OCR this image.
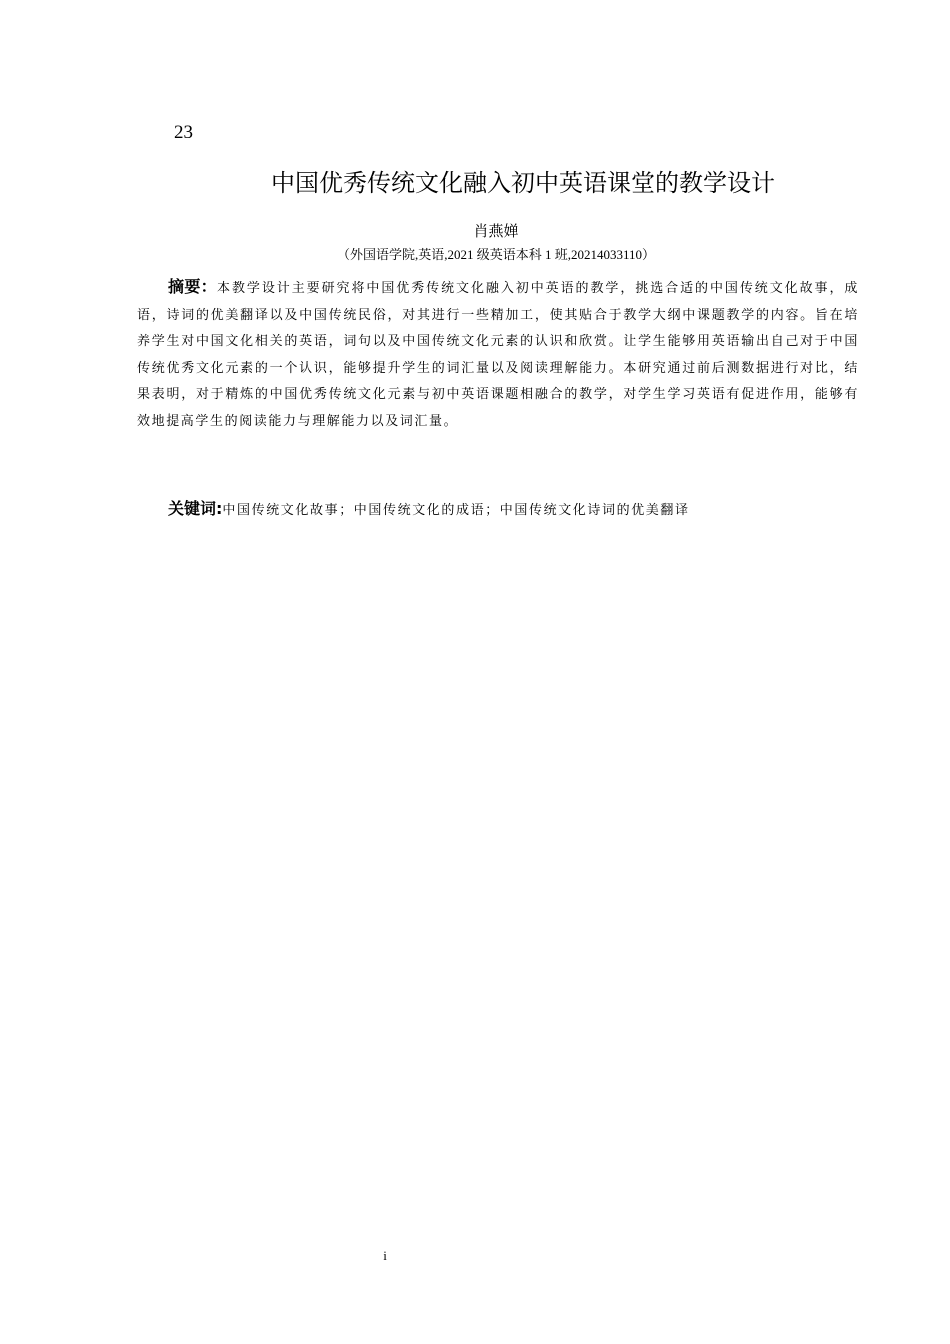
23
中国优秀传统文化融入初中英语课堂的教学设计
肖燕婵
（外国语学院,英语,2021 级英语本科 1 班,20214033110）

摘要：本教学设计主要研究将中国优秀传统文化融入初中英语的教学，挑选合适的中国传统文化故事，成语，诗词的优美翻译以及中国传统民俗，对其进行一些精加工，使其贴合于教学大纲中课题教学的内容。旨在培养学生对中国文化相关的英语，词句以及中国传统文化元素的认识和欣赏。让学生能够用英语输出自己对于中国传统优秀文化元素的一个认识，能够提升学生的词汇量以及阅读理解能力。本研究通过前后测数据进行对比，结果表明，对于精炼的中国优秀传统文化元素与初中英语课题相融合的教学，对学生学习英语有促进作用，能够有效地提高学生的阅读能力与理解能力以及词汇量。

关键词:中国传统文化故事；中国传统文化的成语；中国传统文化诗词的优美翻译

i
